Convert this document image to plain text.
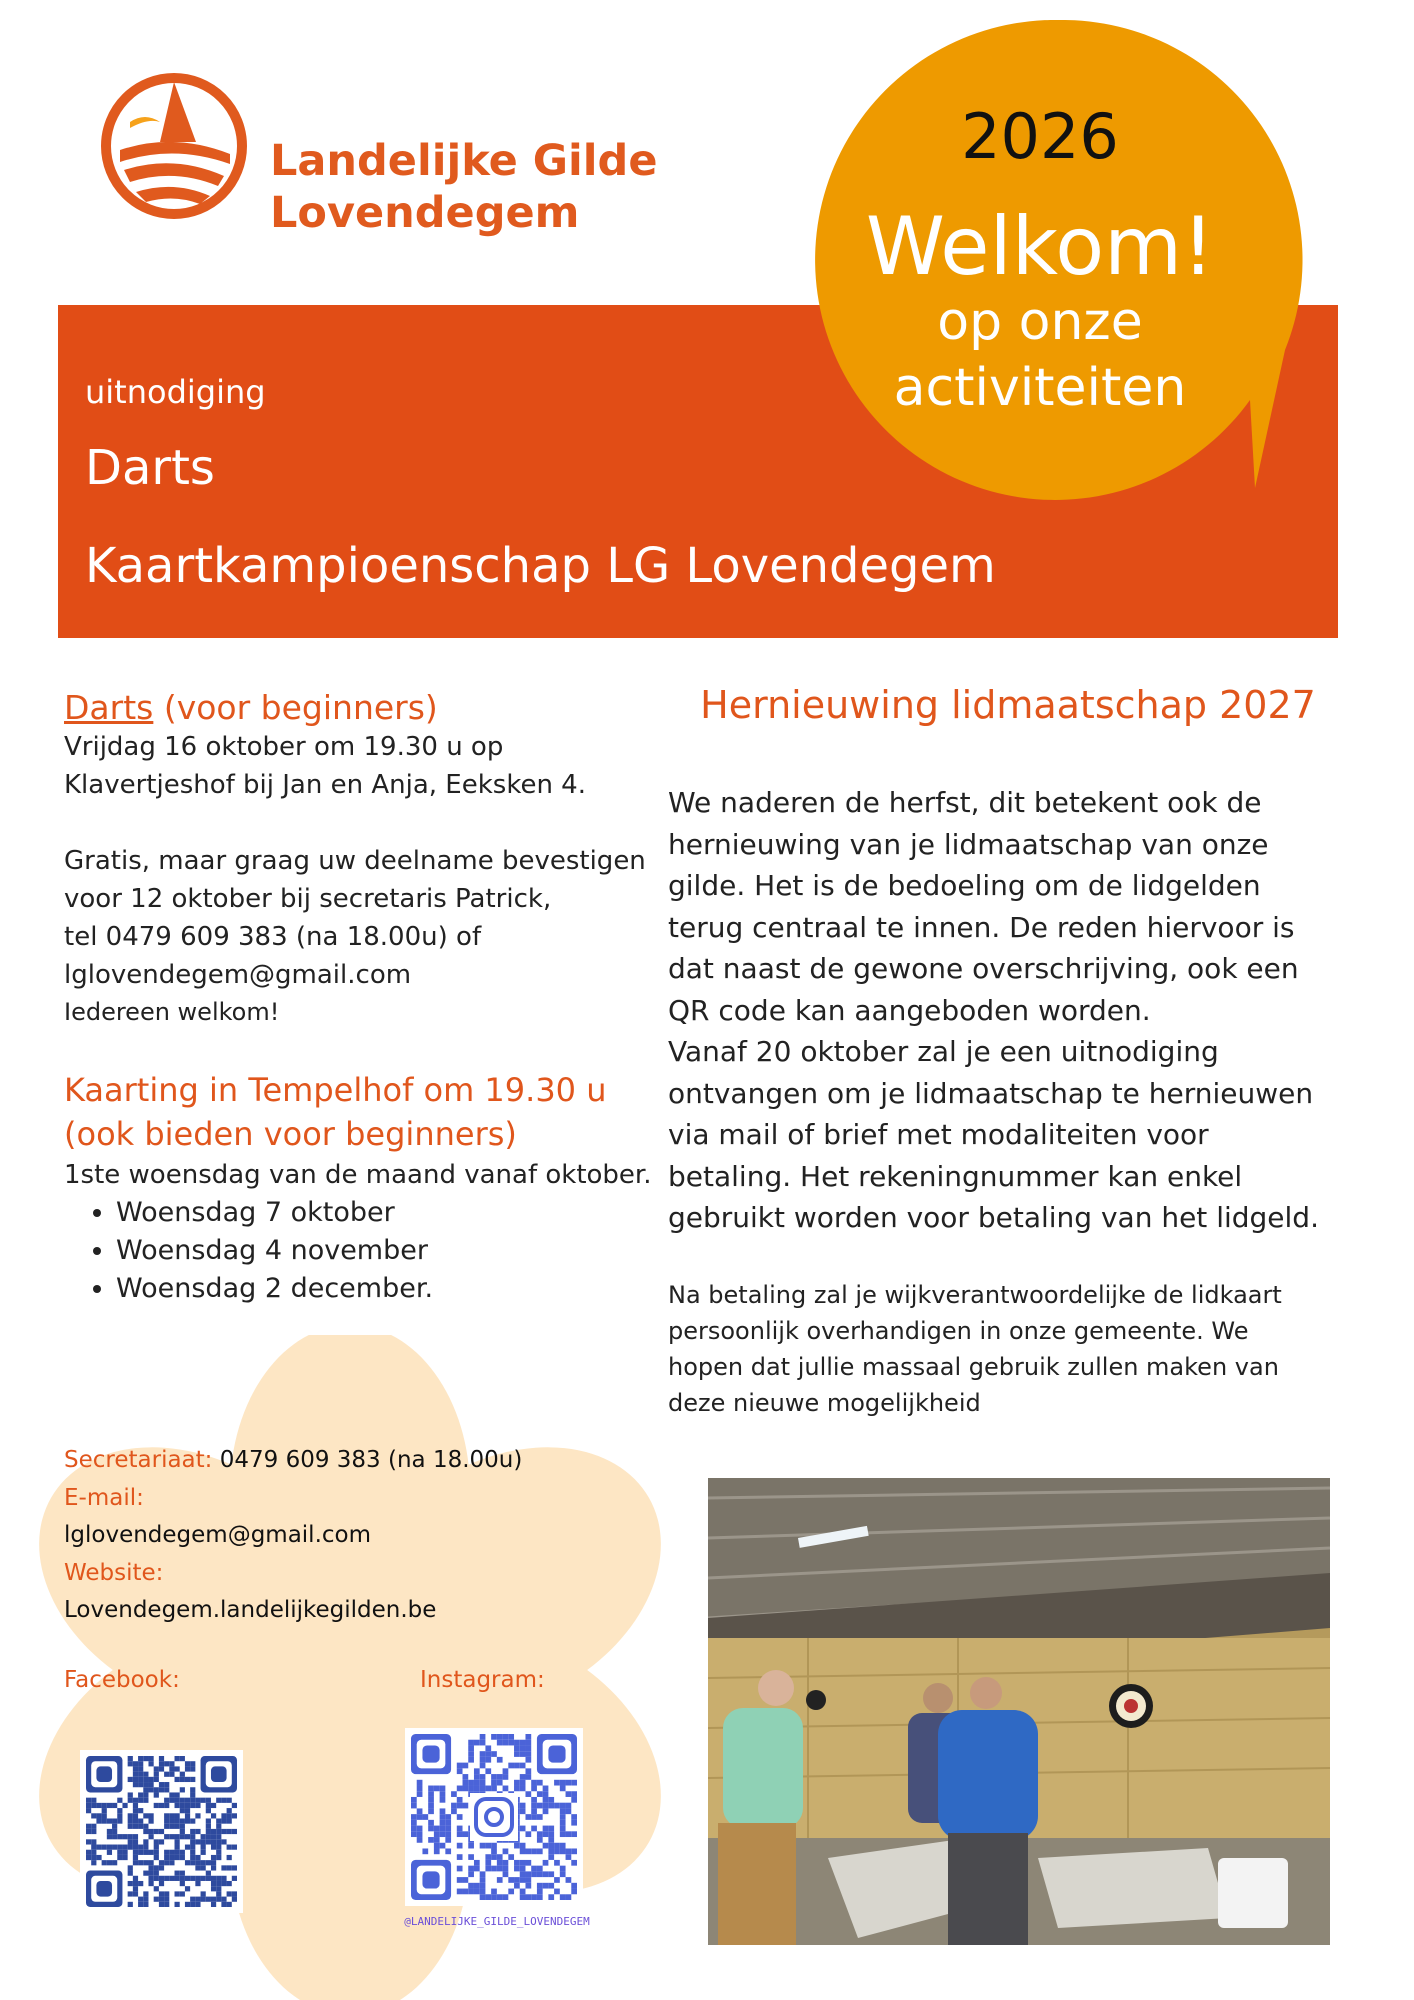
Landelijke Gilde
Lovendegem
uitnodiging
Darts
Kaartkampioenschap LG Lovendegem
2026
Welkom!
op onze
activiteiten
Darts (voor beginners)

Vrijdag 16 oktober om 19.30 u op

Klavertjeshof bij Jan en Anja, Eeksken 4.

Gratis, maar graag uw deelname bevestigen

voor 12 oktober bij secretaris Patrick,

tel 0479 609 383 (na 18.00u) of

lglovendegem@gmail.com

Iedereen welkom!

Kaarting in Tempelhof om 19.30 u
(ook bieden voor beginners)

1ste woensdag van de maand vanaf oktober.

• Woensdag 7 oktober
• Woensdag 4 november
• Woensdag 2 december.
Hernieuwing lidmaatschap 2027
We naderen de herfst, dit betekent ook de
hernieuwing van je lidmaatschap van onze
gilde. Het is de bedoeling om de lidgelden
terug centraal te innen. De reden hiervoor is
dat naast de gewone overschrijving, ook een
QR code kan aangeboden worden.
Vanaf 20 oktober zal je een uitnodiging
ontvangen om je lidmaatschap te hernieuwen
via mail of brief met modaliteiten voor
betaling. Het rekeningnummer kan enkel
gebruikt worden voor betaling van het lidgeld.
Na betaling zal je wijkverantwoordelijke de lidkaart
persoonlijk overhandigen in onze gemeente. We
hopen dat jullie massaal gebruik zullen maken van
deze nieuwe mogelijkheid
Secretariaat: 0479 609 383 (na 18.00u)
E-mail:
lglovendegem@gmail.com
Website:
Lovendegem.landelijkegilden.be
Facebook:	Instagram:
@LANDELIJKE_GILDE_LOVENDEGEM
